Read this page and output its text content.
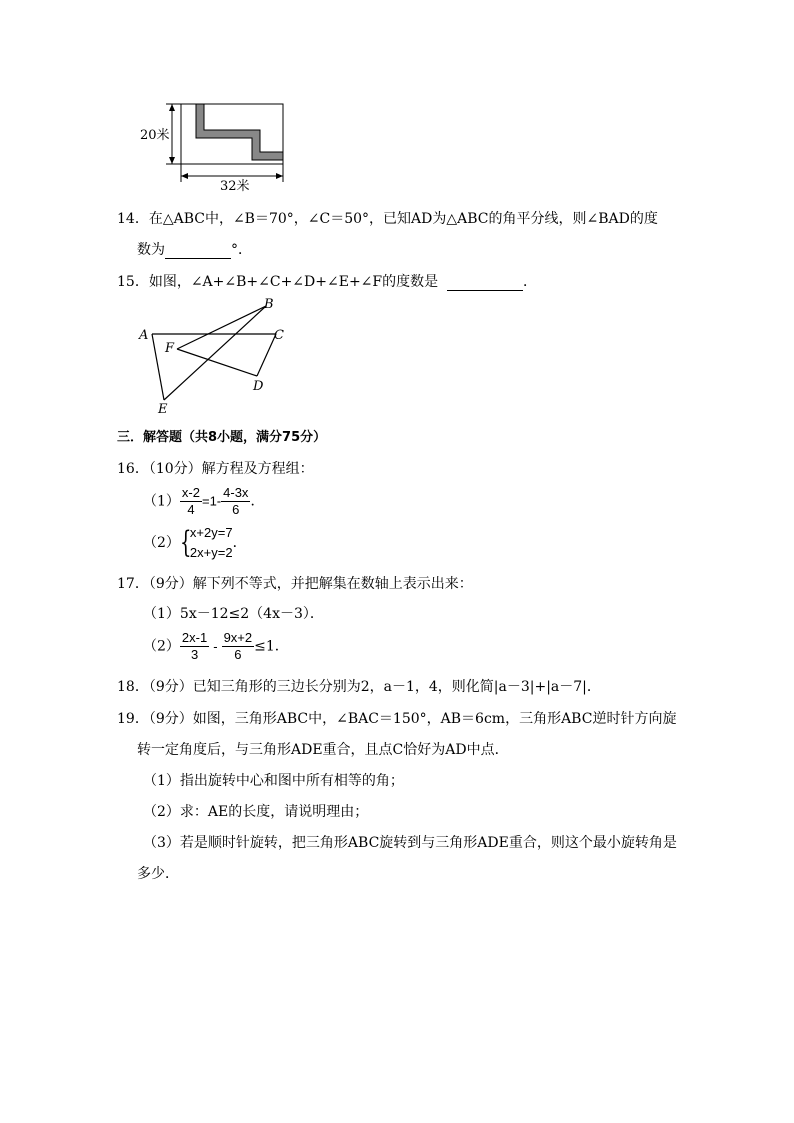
20米
32米
14．在△ABC中，∠B＝70°，∠C＝50°，已知AD为△ABC的角平分线，则∠BAD的度
数为	°．
15．如图，∠A+∠B+∠C+∠D+∠E+∠F的度数是	．
A
B
C
D
E
F
三．解答题（共8小题，满分75分）
16．（10分）解方程及方程组：
$(1) \frac{x-2}{4} =1- \frac{4-3x}{6}$ ．
（2） {
x+2y=7
2x+y=2
．
17．（9分）解下列不等式，并把解集在数轴上表示出来：
（1）5x－12≤2（4x－3）．
$(2) \frac{2x-1}{3} - \frac{9x+2}{6} \le 1$．
18．（9分）已知三角形的三边长分别为2，a－1，4，则化简|a－3|+|a－7|．
19．（9分）如图，三角形ABC中，∠BAC＝150°，AB＝6cm，三角形ABC逆时针方向旋
转一定角度后，与三角形ADE重合，且点C恰好为AD中点．
（1）指出旋转中心和图中所有相等的角；
（2）求：AE的长度，请说明理由；
（3）若是顺时针旋转，把三角形ABC旋转到与三角形ADE重合，则这个最小旋转角是
多少．
